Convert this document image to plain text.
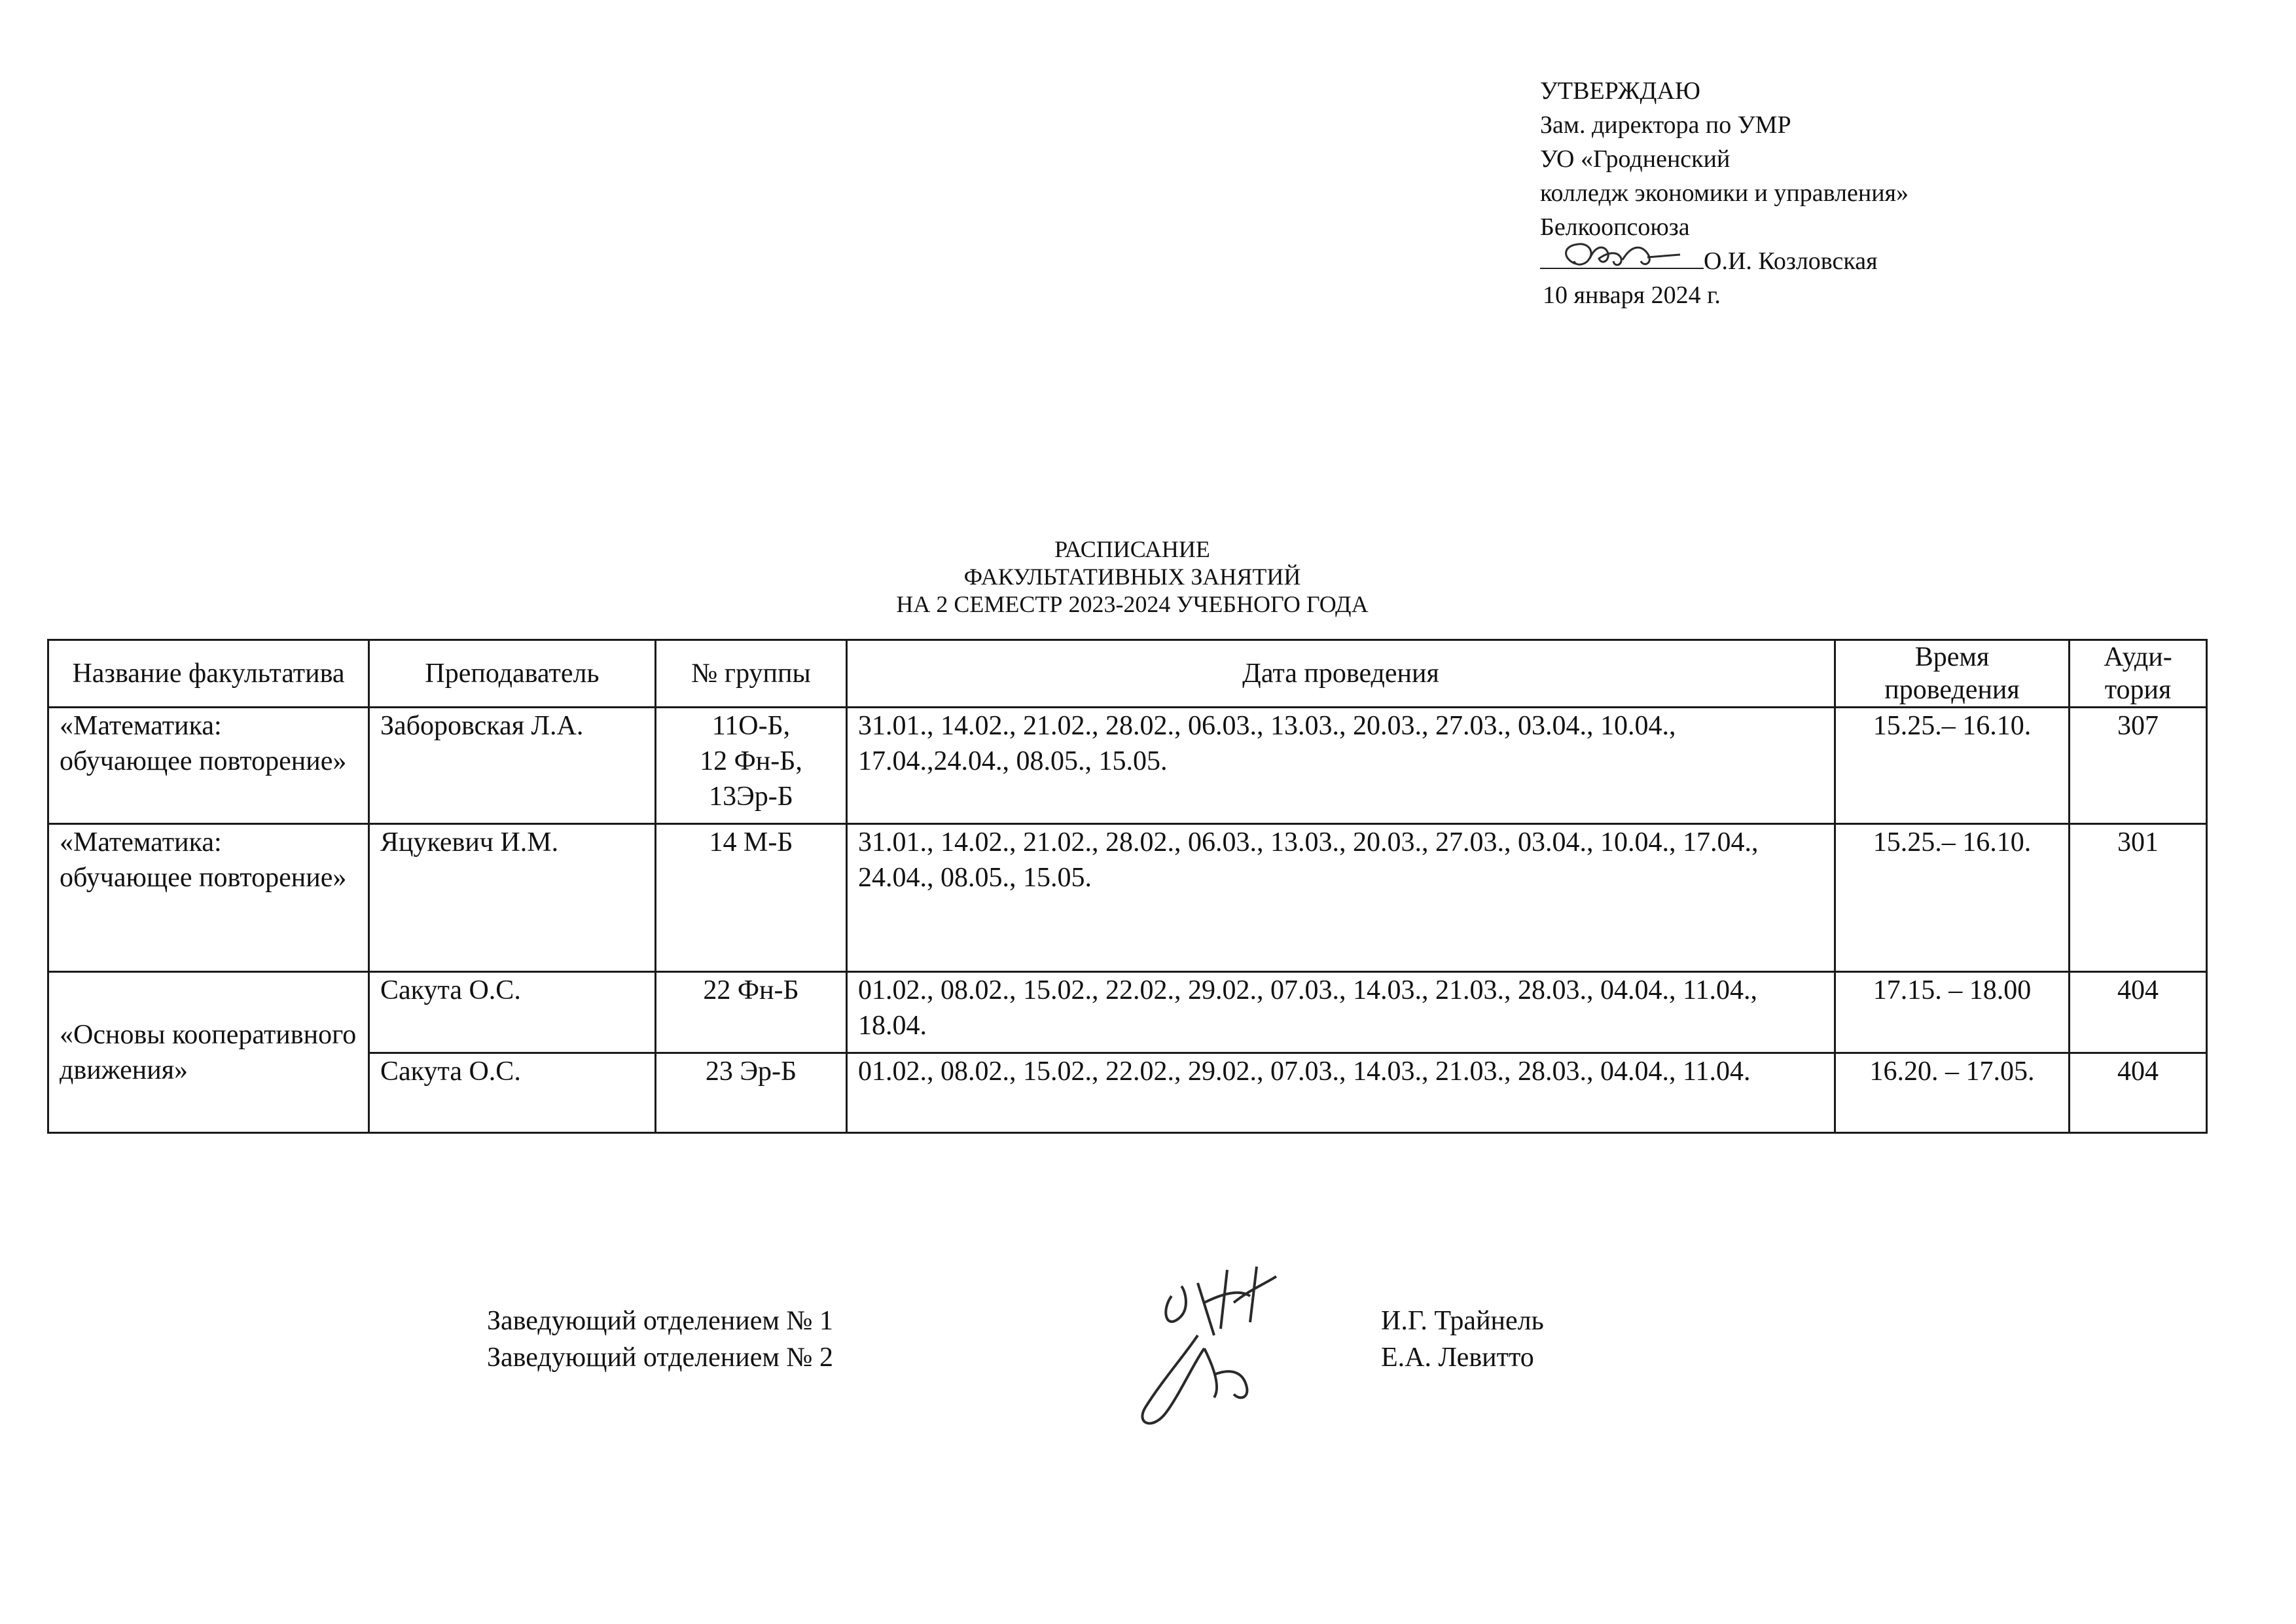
УТВЕРЖДАЮ
Зам. директора по УМР
УО «Гродненский
колледж экономики и управления»
Белкоопсоюза
О.И. Козловская
10 января 2024 г.
РАСПИСАНИЕ
ФАКУЛЬТАТИВНЫХ ЗАНЯТИЙ
НА 2 СЕМЕСТР 2023-2024 УЧЕБНОГО ГОДА
Название факультатива	Преподаватель	№ группы	Дата проведения	Время проведения	Ауди-тория
«Математика: обучающее повторение»	Заборовская Л.А.	11О-Б,
12 Фн-Б,
13Эр-Б	31.01., 14.02., 21.02., 28.02., 06.03., 13.03., 20.03., 27.03., 03.04., 10.04., 17.04.,24.04., 08.05., 15.05.	15.25.– 16.10.	307
«Математика: обучающее повторение»	Яцукевич И.М.	14 М-Б	31.01., 14.02., 21.02., 28.02., 06.03., 13.03., 20.03., 27.03., 03.04., 10.04., 17.04., 24.04., 08.05., 15.05.	15.25.– 16.10.	301
«Основы кооперативного движения»	Сакута О.С.	22 Фн-Б	01.02., 08.02., 15.02., 22.02., 29.02., 07.03., 14.03., 21.03., 28.03., 04.04., 11.04., 18.04.	17.15. – 18.00	404
	Сакута О.С.	23 Эр-Б	01.02., 08.02., 15.02., 22.02., 29.02., 07.03., 14.03., 21.03., 28.03., 04.04., 11.04.	16.20. – 17.05.	404
Заведующий отделением № 1
Заведующий отделением № 2
И.Г. Трайнель
Е.А. Левитто
